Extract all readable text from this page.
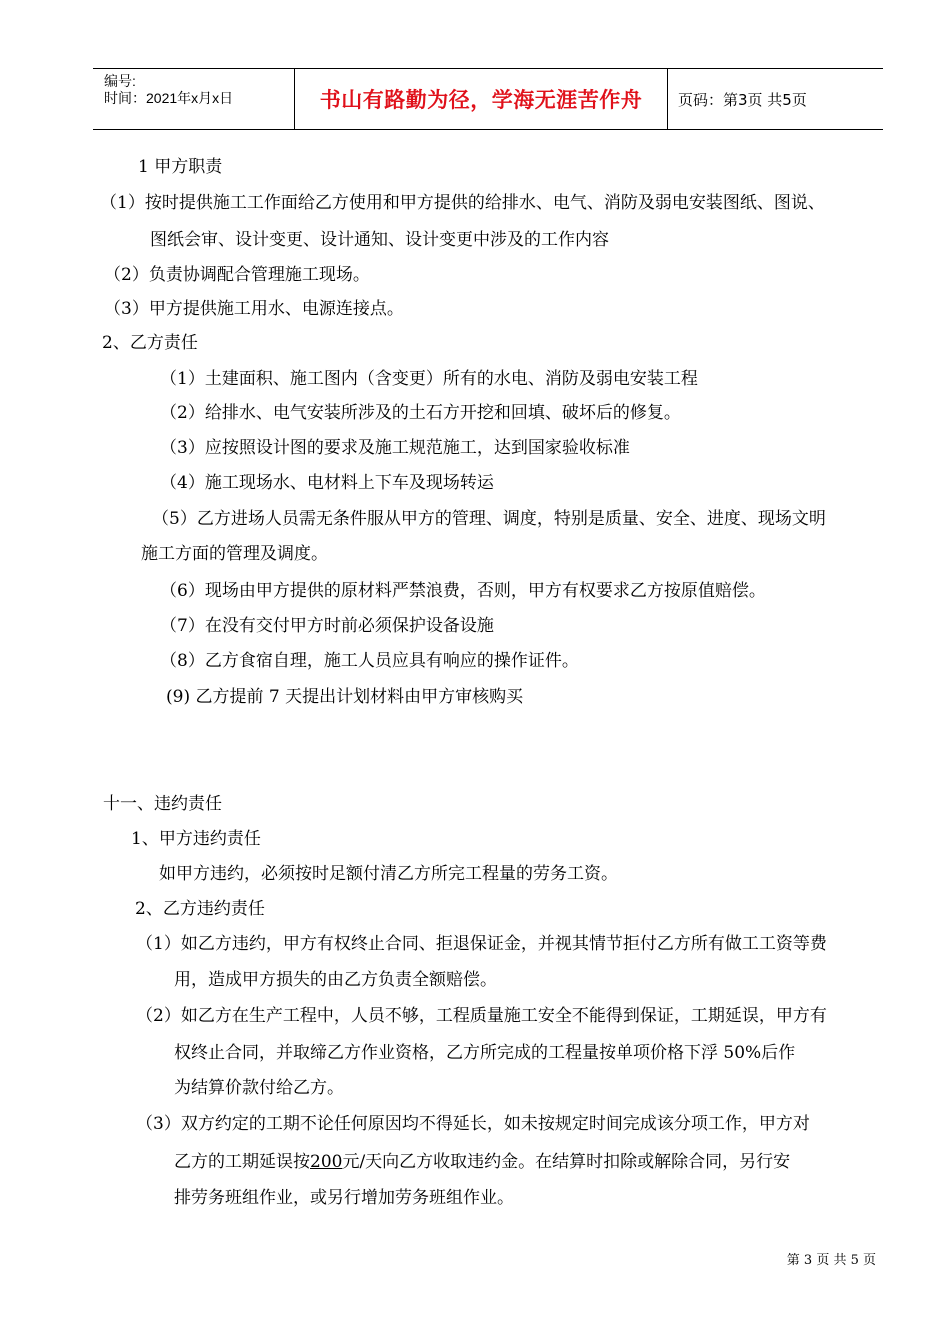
编号:
时间：2021年x月x日	书山有路勤为径，学海无涯苦作舟	页码：第3页 共5页
1 甲方职责
（1）按时提供施工工作面给乙方使用和甲方提供的给排水、电气、消防及弱电安装图纸、图说、
图纸会审、设计变更、设计通知、设计变更中涉及的工作内容
（2）负责协调配合管理施工现场。
（3）甲方提供施工用水、电源连接点。
2、乙方责任
（1）土建面积、施工图内（含变更）所有的水电、消防及弱电安装工程
（2）给排水、电气安装所涉及的土石方开挖和回填、破坏后的修复。
（3）应按照设计图的要求及施工规范施工，达到国家验收标准
（4）施工现场水、电材料上下车及现场转运
（5）乙方进场人员需无条件服从甲方的管理、调度，特别是质量、安全、进度、现场文明
施工方面的管理及调度。
（6）现场由甲方提供的原材料严禁浪费，否则，甲方有权要求乙方按原值赔偿。
（7）在没有交付甲方时前必须保护设备设施
（8）乙方食宿自理，施工人员应具有响应的操作证件。
(9) 乙方提前 7 天提出计划材料由甲方审核购买
十一、违约责任
1、甲方违约责任
如甲方违约，必须按时足额付清乙方所完工程量的劳务工资。
2、乙方违约责任
（1）如乙方违约，甲方有权终止合同、拒退保证金，并视其情节拒付乙方所有做工工资等费
用，造成甲方损失的由乙方负责全额赔偿。
（2）如乙方在生产工程中，人员不够，工程质量施工安全不能得到保证，工期延误，甲方有
权终止合同，并取缔乙方作业资格，乙方所完成的工程量按单项价格下浮 50%后作
为结算价款付给乙方。
（3）双方约定的工期不论任何原因均不得延长，如未按规定时间完成该分项工作，甲方对
乙方的工期延误按200元/天向乙方收取违约金。在结算时扣除或解除合同，另行安
排劳务班组作业，或另行增加劳务班组作业。
第 3 页 共 5 页
